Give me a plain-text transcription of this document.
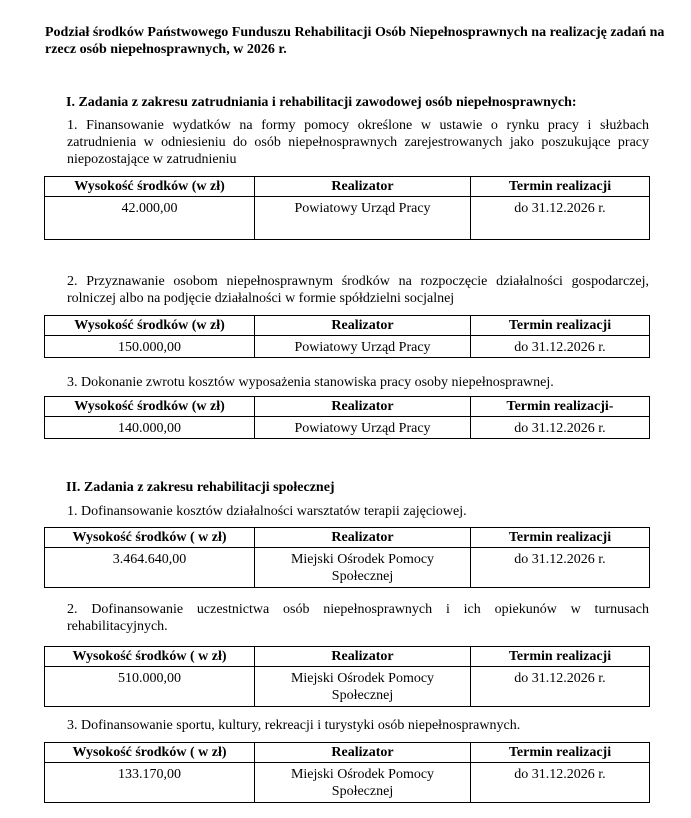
Podział środków Państwowego Funduszu Rehabilitacji Osób Niepełnosprawnych na realizację zadań na rzecz osób niepełnosprawnych, w 2026 r.
I. Zadania z zakresu zatrudniania i rehabilitacji zawodowej osób niepełnosprawnych:
1. Finansowanie wydatków na formy pomocy określone w ustawie o rynku pracy i służbach zatrudnienia w odniesieniu do osób niepełnosprawnych zarejestrowanych jako poszukujące pracy niepozostające w zatrudnieniu
Wysokość środków (w zł)	Realizator	Termin realizacji
42.000,00	Powiatowy Urząd Pracy	do 31.12.2026 r.
2. Przyznawanie osobom niepełnosprawnym środków na rozpoczęcie działalności gospodarczej, rolniczej albo na podjęcie działalności w formie spółdzielni socjalnej
Wysokość środków (w zł)	Realizator	Termin realizacji
150.000,00	Powiatowy Urząd Pracy	do 31.12.2026 r.
3. Dokonanie zwrotu kosztów wyposażenia stanowiska pracy osoby niepełnosprawnej.
Wysokość środków (w zł)	Realizator	Termin realizacji-
140.000,00	Powiatowy Urząd Pracy	do 31.12.2026 r.
II. Zadania z zakresu rehabilitacji społecznej
1. Dofinansowanie kosztów działalności warsztatów terapii zajęciowej.
Wysokość środków ( w zł)	Realizator	Termin realizacji
3.464.640,00	Miejski Ośrodek Pomocy Społecznej	do 31.12.2026 r.
2. Dofinansowanie uczestnictwa osób niepełnosprawnych i ich opiekunów w turnusach rehabilitacyjnych.
Wysokość środków ( w zł)	Realizator	Termin realizacji
510.000,00	Miejski Ośrodek Pomocy Społecznej	do 31.12.2026 r.
3. Dofinansowanie sportu, kultury, rekreacji i turystyki osób niepełnosprawnych.
Wysokość środków ( w zł)	Realizator	Termin realizacji
133.170,00	Miejski Ośrodek Pomocy Społecznej	do 31.12.2026 r.
